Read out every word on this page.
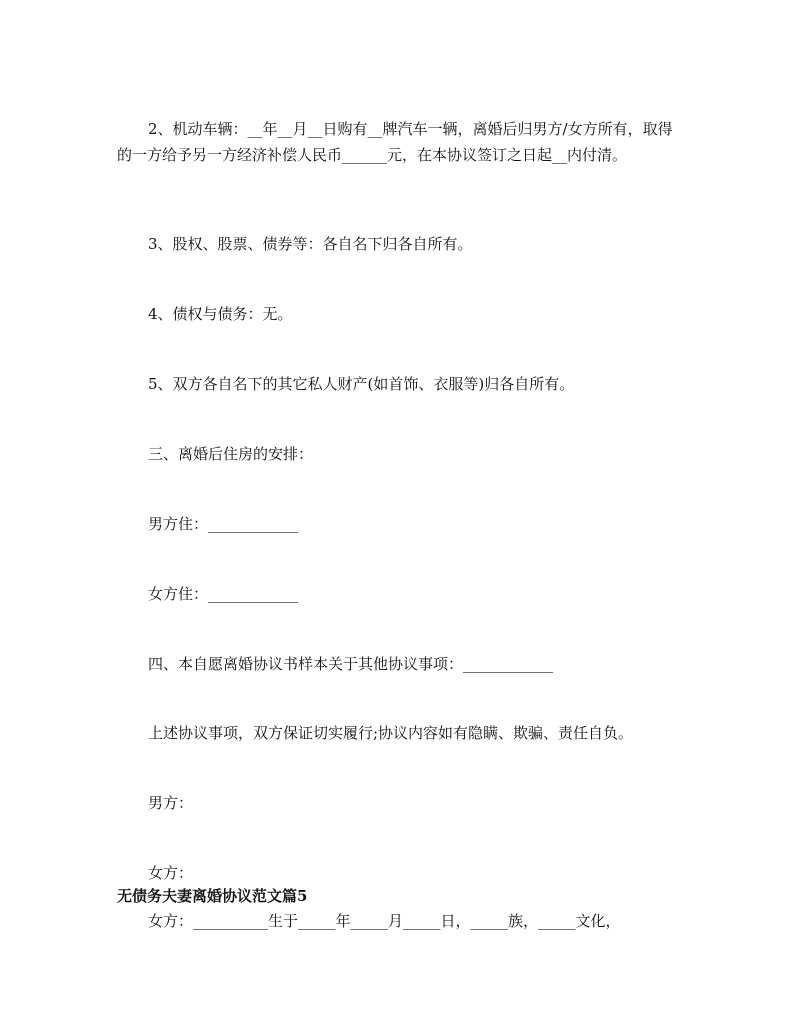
2、机动车辆：__年__月__日购有__牌汽车一辆，离婚后归男方/女方所有，取得的一方给予另一方经济补偿人民币______元，在本协议签订之日起__内付清。

3、股权、股票、债券等：各自名下归各自所有。

4、债权与债务：无。

5、双方各自名下的其它私人财产(如首饰、衣服等)归各自所有。

三、离婚后住房的安排：

男方住：____________

女方住：____________

四、本自愿离婚协议书样本关于其他协议事项：____________

上述协议事项，双方保证切实履行;协议内容如有隐瞒、欺骗、责任自负。

男方：

女方：

无债务夫妻离婚协议范文篇5

女方：__________生于_____年_____月_____日，_____族，_____文化，
